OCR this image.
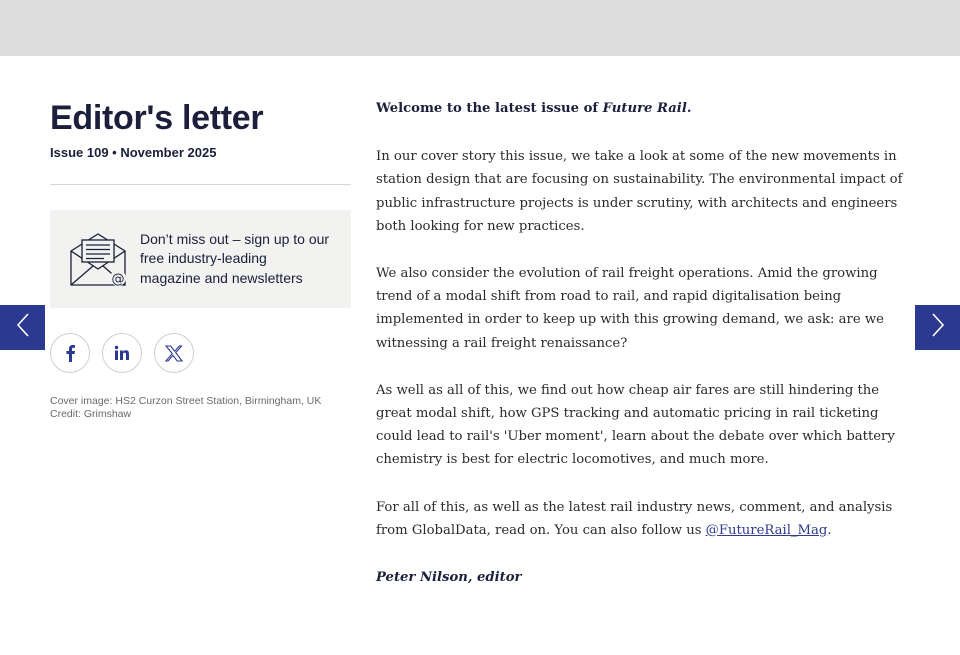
Editor's letter
Issue 109 • November 2025
@
Don’t miss out – sign up to our free industry-leading magazine and newsletters
Cover image: HS2 Curzon Street Station, Birmingham, UK
Credit: Grimshaw

Welcome to the latest issue of Future Rail.

In our cover story this issue, we take a look at some of the new movements in station design that are focusing on sustainability. The environmental impact of public infrastructure projects is under scrutiny, with architects and engineers both looking for new practices.

We also consider the evolution of rail freight operations. Amid the growing trend of a modal shift from road to rail, and rapid digitalisation being implemented in order to keep up with this growing demand, we ask: are we witnessing a rail freight renaissance?

As well as all of this, we find out how cheap air fares are still hindering the great modal shift, how GPS tracking and automatic pricing in rail ticketing could lead to rail's 'Uber moment', learn about the debate over which battery chemistry is best for electric locomotives, and much more.

For all of this, as well as the latest rail industry news, comment, and analysis from GlobalData, read on. You can also follow us @FutureRail_Mag.

Peter Nilson, editor
